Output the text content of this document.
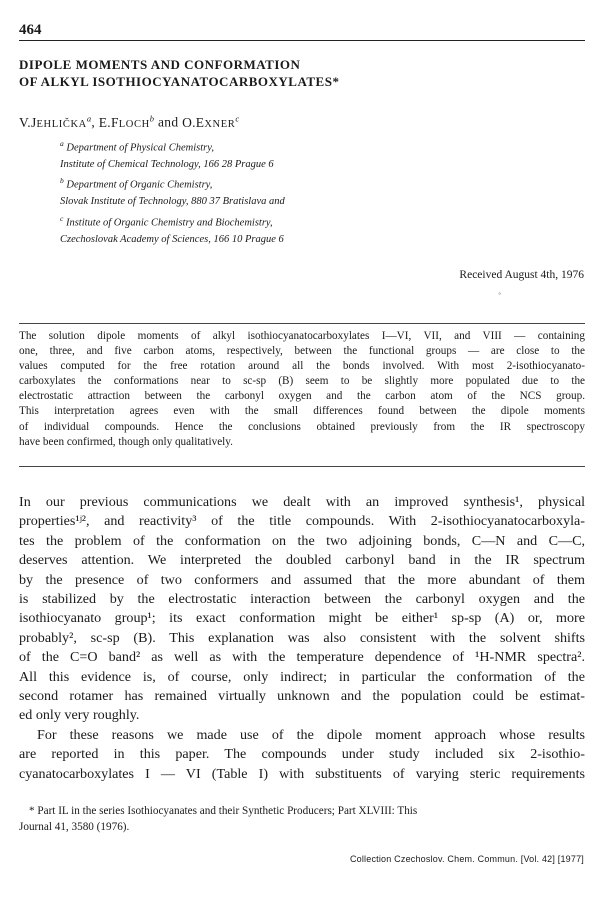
464
DIPOLE MOMENTS AND CONFORMATION
OF ALKYL ISOTHIOCYANATOCARBOXYLATES*
V.JEHLIČKA$^a$, E.FLOCH$^b$ and O.EXNER$^c$
$^a$ Department of Physical Chemistry,
Institute of Chemical Technology, 166 28 Prague 6
$^b$ Department of Organic Chemistry,
Slovak Institute of Technology, 880 37 Bratislava and
$^c$ Institute of Organic Chemistry and Biochemistry,
Czechoslovak Academy of Sciences, 166 10 Prague 6
Received August 4th, 1976
˚
The solution dipole moments of alkyl isothiocyanatocarboxylates I—VI, VII, and VIII — containing
one, three, and five carbon atoms, respectively, between the functional groups — are close to the
values computed for the free rotation around all the bonds involved. With most 2-isothiocyanato-
carboxylates the conformations near to sc-sp (B) seem to be slightly more populated due to the
electrostatic attraction between the carbonyl oxygen and the carbon atom of the NCS group.
This interpretation agrees even with the small differences found between the dipole moments
of individual compounds. Hence the conclusions obtained previously from the IR spectroscopy
have been confirmed, though only qualitatively.
In our previous communications we dealt with an improved synthesis¹, physical
properties¹ʲ², and reactivity³ of the title compounds. With 2-isothiocyanatocarboxyla-
tes the problem of the conformation on the two adjoining bonds, C—N and C—C,
deserves attention. We interpreted the doubled carbonyl band in the IR spectrum
by the presence of two conformers and assumed that the more abundant of them
is stabilized by the electrostatic interaction between the carbonyl oxygen and the
isothiocyanato group¹; its exact conformation might be either¹ sp-sp (A) or, more
probably², sc-sp (B). This explanation was also consistent with the solvent shifts
of the C=O band² as well as with the temperature dependence of ¹H-NMR spectra².
All this evidence is, of course, only indirect; in particular the conformation of the
second rotamer has remained virtually unknown and the population could be estimat-
ed only very roughly.
For these reasons we made use of the dipole moment approach whose results
are reported in this paper. The compounds under study included six 2-isothio-
cyanatocarboxylates I — VI (Table I) with substituents of varying steric requirements
* Part IL in the series Isothiocyanates and their Synthetic Producers; Part XLVIII: This
Journal 41, 3580 (1976).
Collection Czechoslov. Chem. Commun. [Vol. 42] [1977]
